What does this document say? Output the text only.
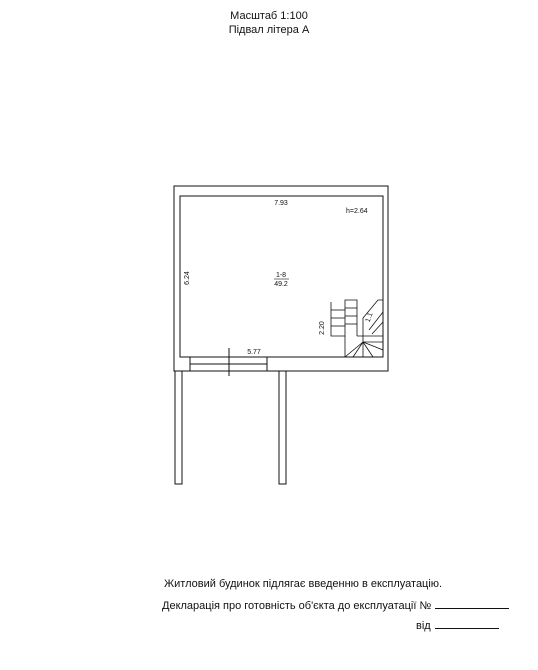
Масштаб 1:100
Підвал літера А
7.93
h=2.64
1-8
49.2
6.24
2.20
1.1
5.77
Житловий будинок підлягає введенню в експлуатацію.
Декларація про готовність об'єкта до експлуатації №
від
